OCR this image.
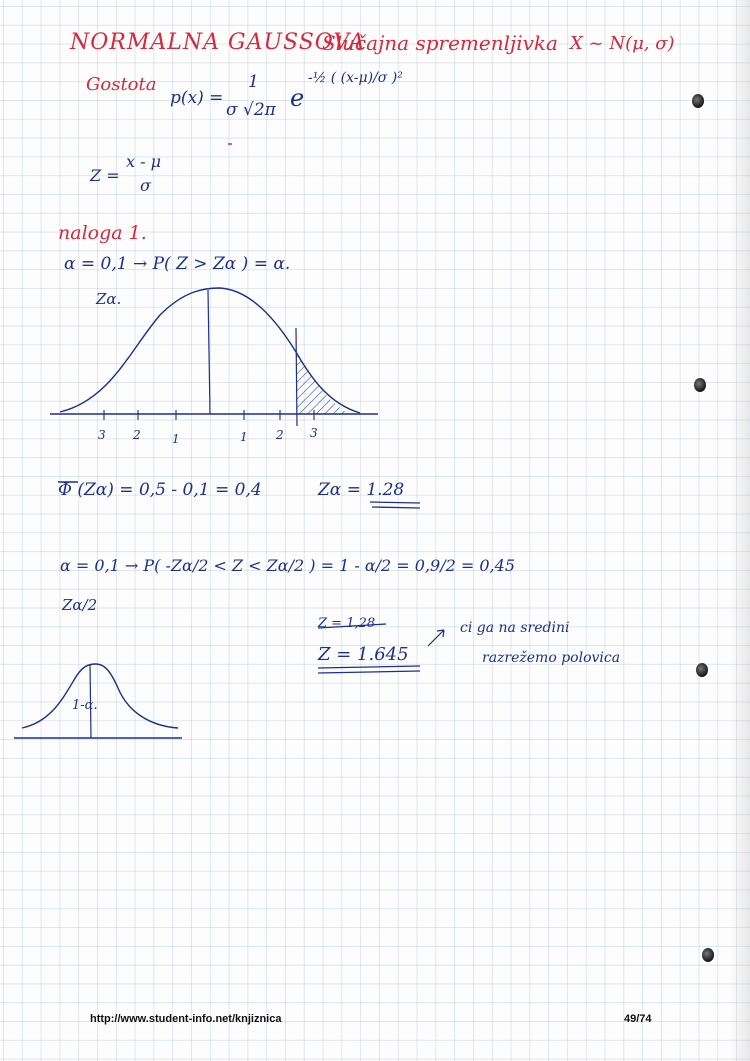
NORMALNA GAUSSOVA

Slučajna spremenljivka X ~ N(μ, σ)

Gostota

p(x) =

1

σ √2π e

-½ ( (x-μ)/σ )²

Z =

x - μ

σ

naloga 1.

α = 0,1 → P( Z > Zα ) = α.

Zα.

3 2	1	1 2 3

Φ (Zα) = 0,5 - 0,1 = 0,4	Zα = 1.28

α = 0,1 → P( -Zα/2 < Z < Zα/2 ) = 1 - α/2 = 0,9/2 = 0,45

Zα/2

Z = 1,28

Z = 1.645

ci ga na sredini

razrežemo polovica

1-α.

http://www.student-info.net/knjiznica	49/74
